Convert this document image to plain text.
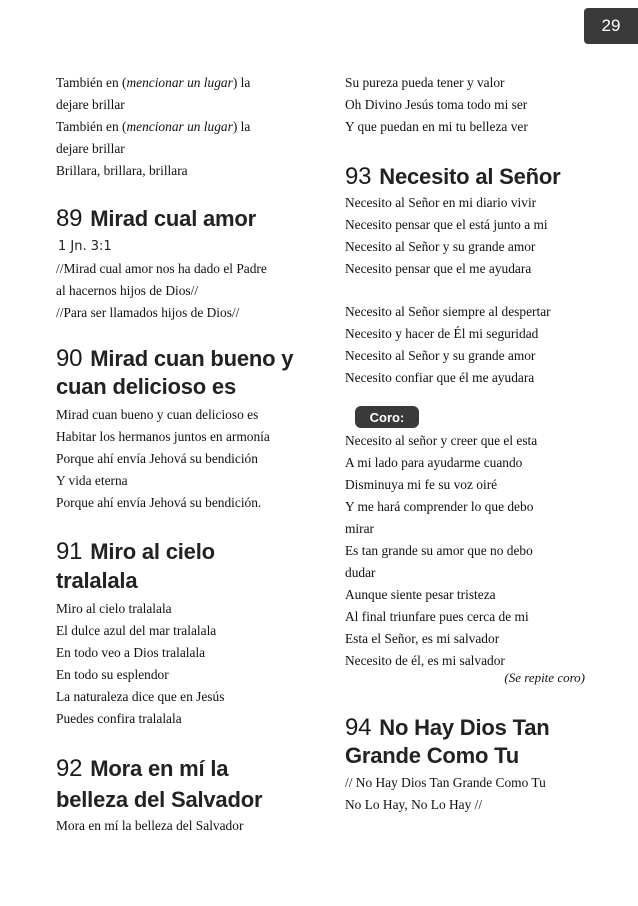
29
También en (mencionar un lugar) la
dejare brillar
También en (mencionar un lugar) la
dejare brillar
Brillara, brillara, brillara
89 Mirad cual amor
1 Jn. 3:1
//Mirad cual amor nos ha dado el Padre
al hacernos hijos de Dios//
//Para ser llamados hijos de Dios//
90 Mirad cuan bueno y
cuan delicioso es
Mirad cuan bueno y cuan delicioso es
Habitar los hermanos juntos en armonía
Porque ahí envía Jehová su bendición
Y vida eterna
Porque ahí envía Jehová su bendición.
91 Miro al cielo
tralalala
Miro al cielo tralalala
El dulce azul del mar tralalala
En todo veo a Dios tralalala
En todo su esplendor
La naturaleza dice que en Jesús
Puedes confira tralalala
92 Mora en mí la
belleza del Salvador
Mora en mí la belleza del Salvador
Su pureza pueda tener y valor
Oh Divino Jesús toma todo mi ser
Y que puedan en mi tu belleza ver
93 Necesito al Señor
Necesito al Señor en mi diario vivir
Necesito pensar que el está junto a mi
Necesito al Señor y su grande amor
Necesito pensar que el me ayudara
Necesito al Señor siempre al despertar
Necesito y hacer de Él mi seguridad
Necesito al Señor y su grande amor
Necesito confiar que él me ayudara
Coro:
Necesito al señor y creer que el esta
A mi lado para ayudarme cuando
Disminuya mi fe su voz oiré
Y me hará comprender lo que debo
mirar
Es tan grande su amor que no debo
dudar
Aunque siente pesar tristeza
Al final triunfare pues cerca de mi
Esta el Señor, es mi salvador
Necesito de él, es mi salvador
(Se repite coro)
94 No Hay Dios Tan
Grande Como Tu
// No Hay Dios Tan Grande Como Tu
No Lo Hay, No Lo Hay //
